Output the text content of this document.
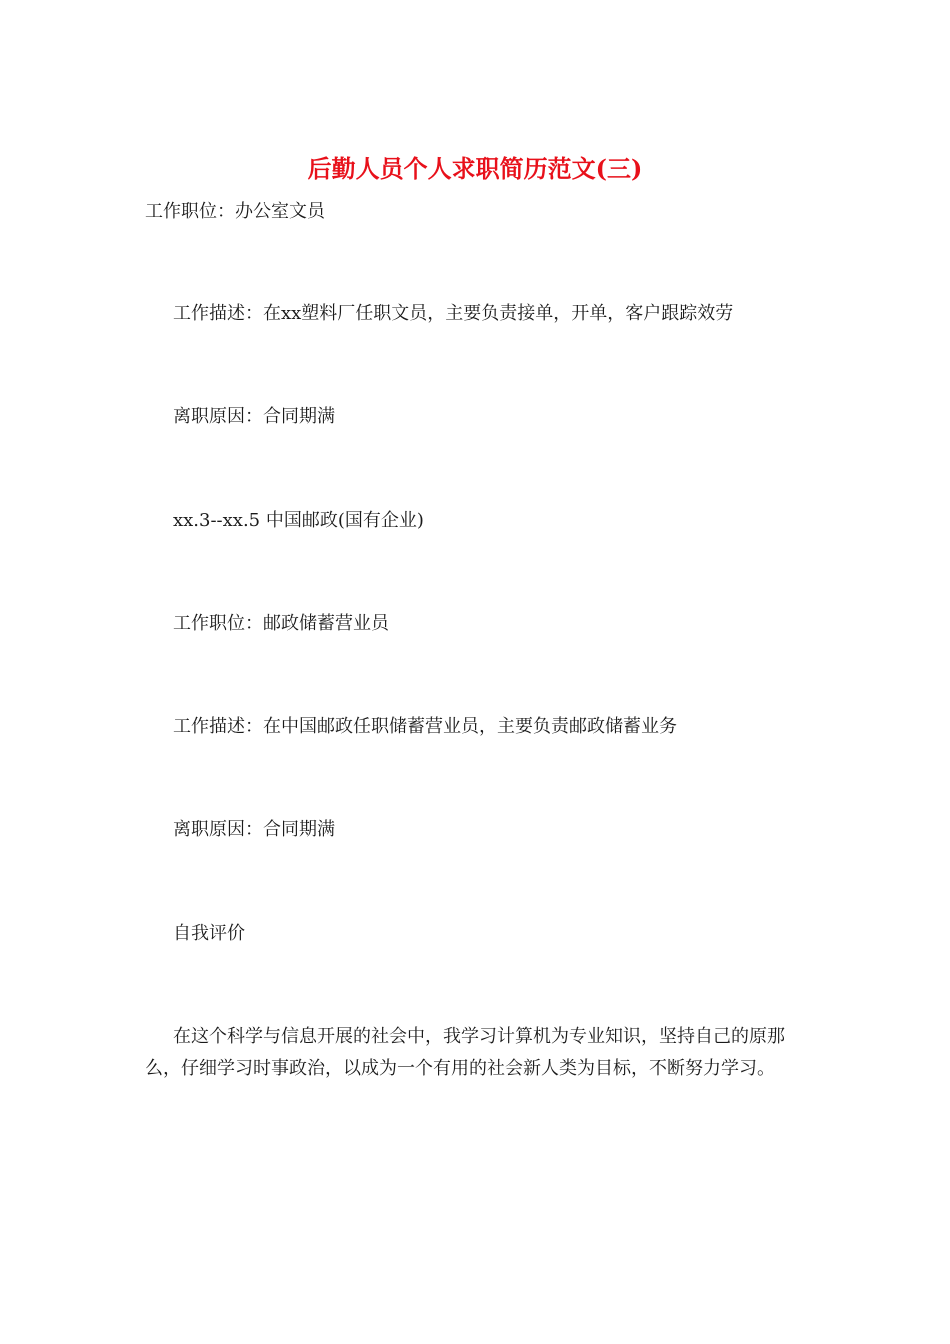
后勤人员个人求职简历范文(三)

工作职位：办公室文员

工作描述：在xx塑料厂任职文员，主要负责接单，开单，客户跟踪效劳

离职原因：合同期满

xx.3--xx.5 中国邮政(国有企业)

工作职位：邮政储蓄营业员

工作描述：在中国邮政任职储蓄营业员，主要负责邮政储蓄业务

离职原因：合同期满

自我评价

在这个科学与信息开展的社会中，我学习计算机为专业知识，坚持自己的原那么，仔细学习时事政治，以成为一个有用的社会新人类为目标，不断努力学习。
